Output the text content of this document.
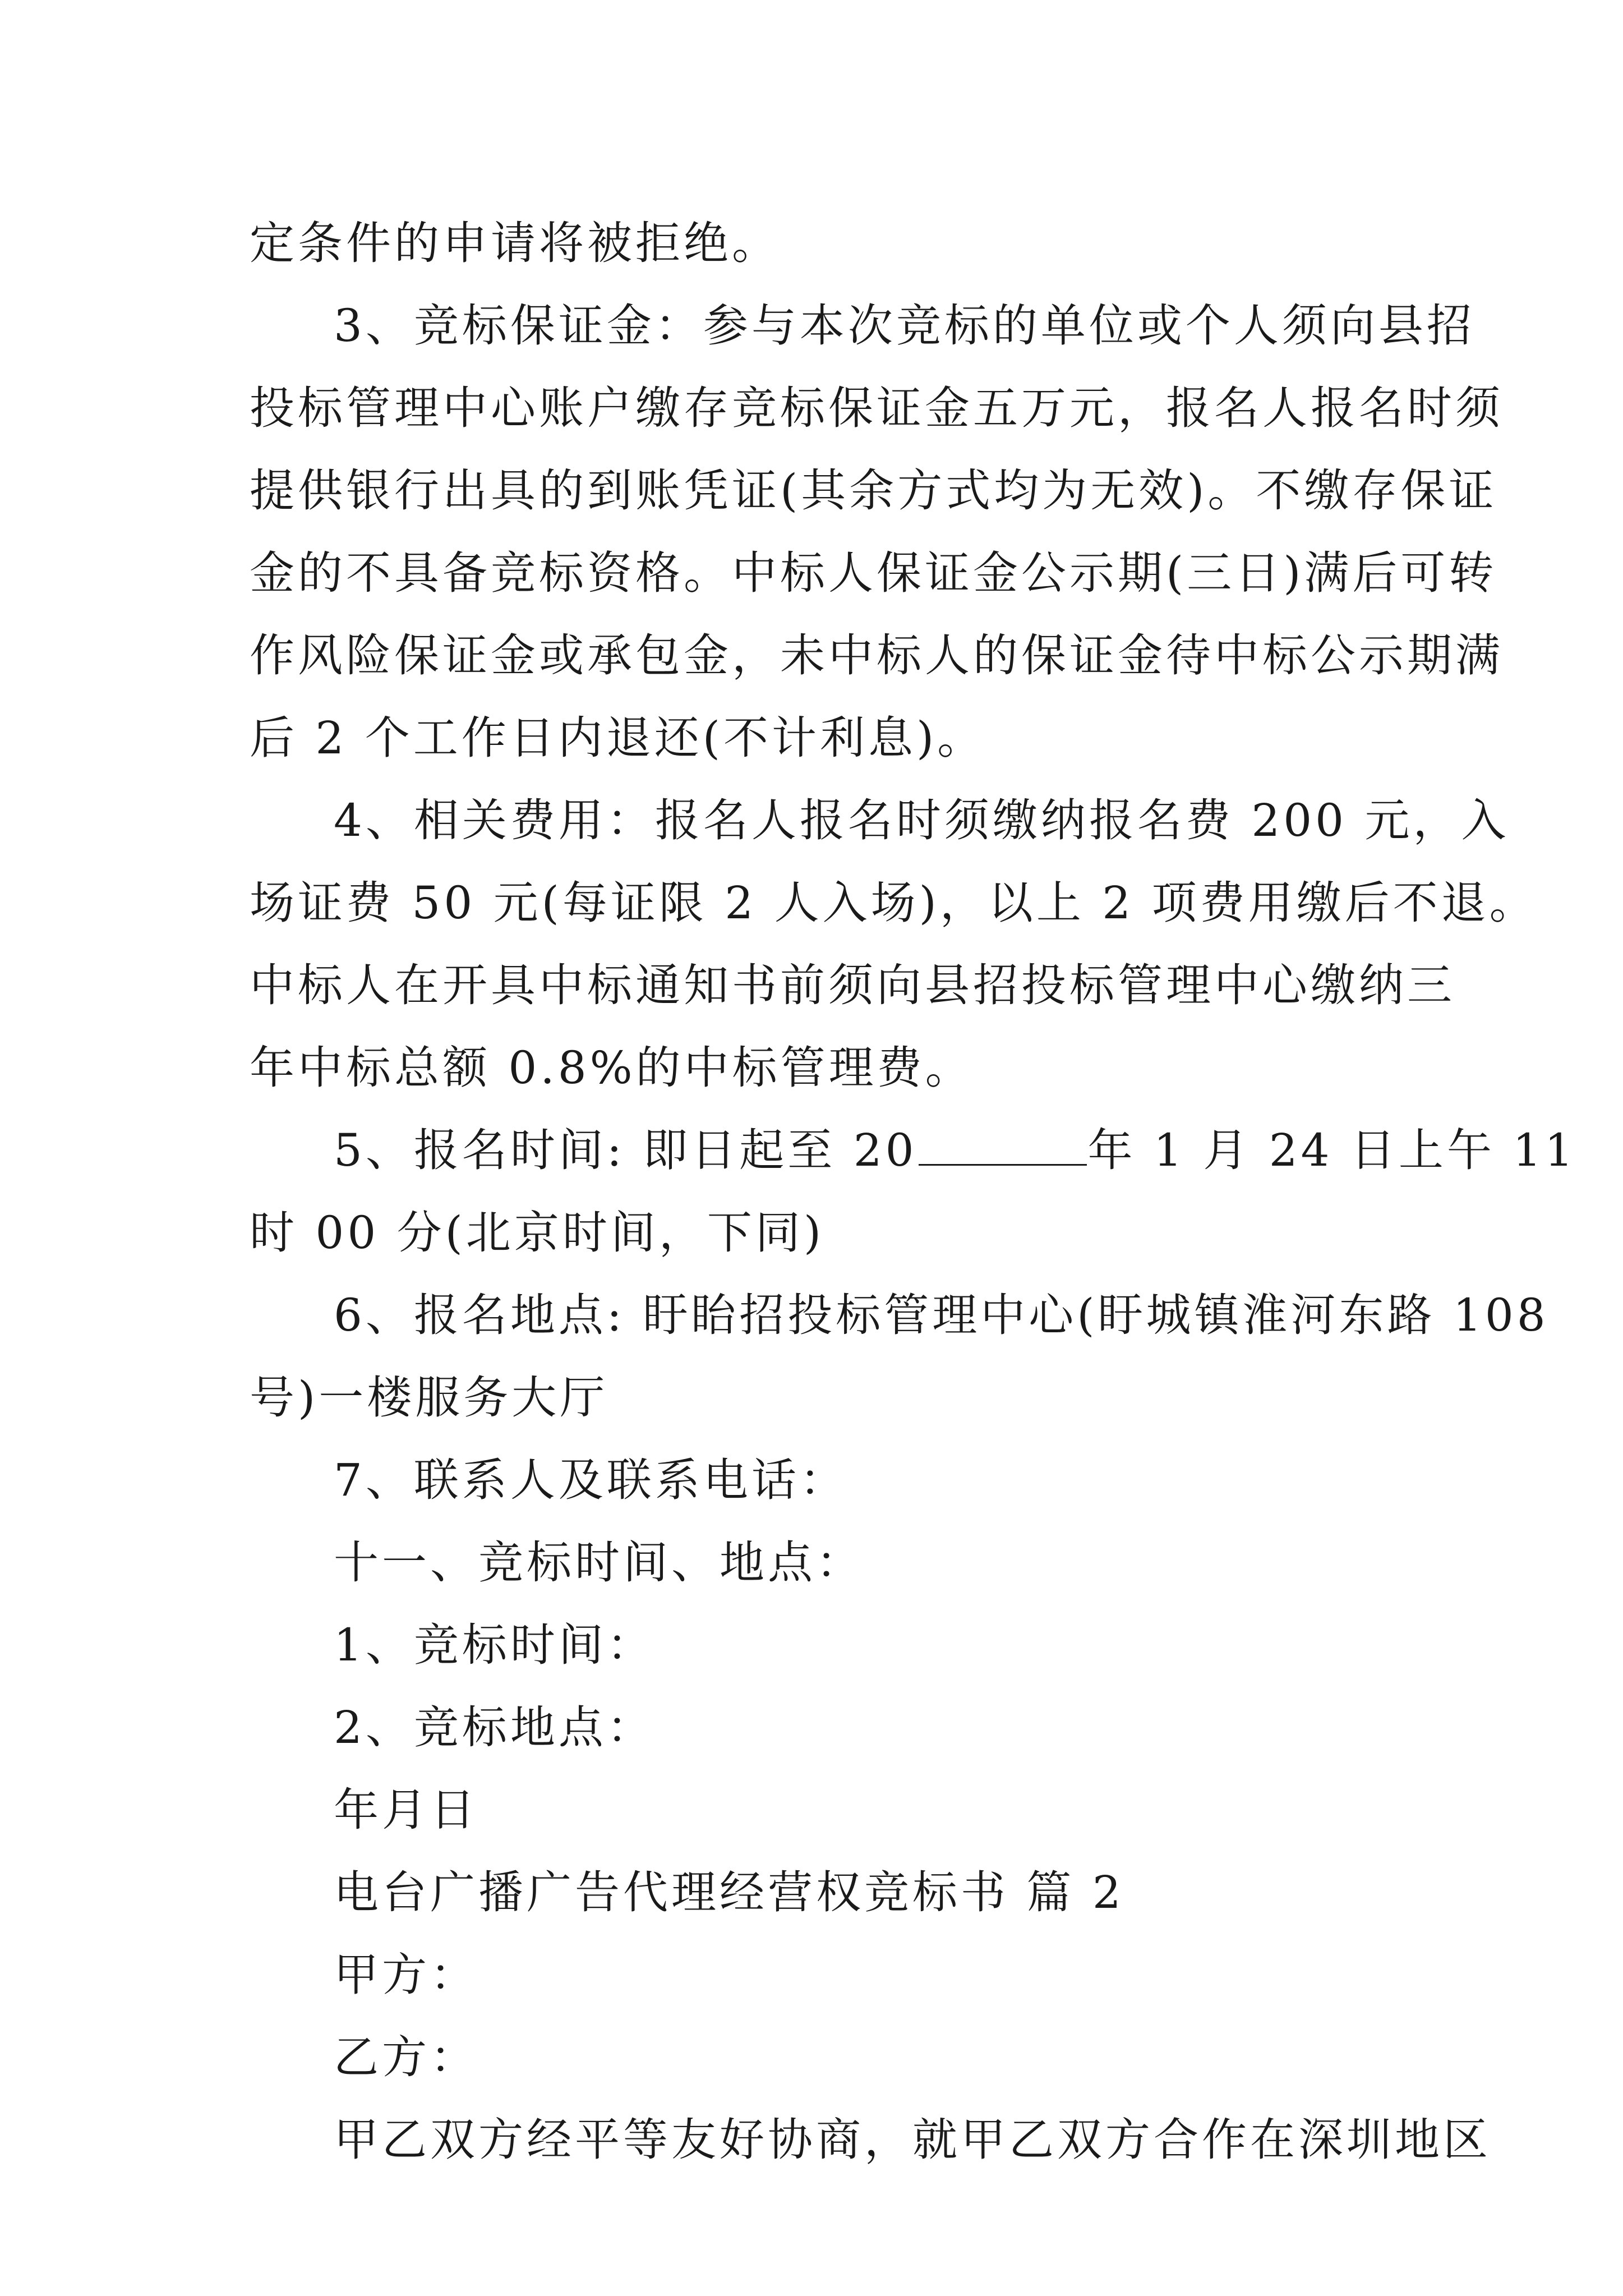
定条件的申请将被拒绝。
3、竞标保证金：参与本次竞标的单位或个人须向县招
投标管理中心账户缴存竞标保证金五万元，报名人报名时须
提供银行出具的到账凭证(其余方式均为无效)。不缴存保证
金的不具备竞标资格。中标人保证金公示期(三日)满后可转
作风险保证金或承包金，未中标人的保证金待中标公示期满
后 2 个工作日内退还(不计利息)。
4、相关费用：报名人报名时须缴纳报名费 200 元，入
场证费 50 元(每证限 2 人入场)，以上 2 项费用缴后不退。
中标人在开具中标通知书前须向县招投标管理中心缴纳三
年中标总额 0.8%的中标管理费。
5、报名时间: 即日起至 20	年 1 月 24 日上午 11
时 00 分(北京时间，下同)
6、报名地点: 盱眙招投标管理中心(盱城镇淮河东路 108
号)一楼服务大厅
7、联系人及联系电话：
十一、竞标时间、地点：
1、竞标时间：
2、竞标地点：
年月日
电台广播广告代理经营权竞标书 篇 2
甲方：
乙方：
甲乙双方经平等友好协商，就甲乙双方合作在深圳地区
